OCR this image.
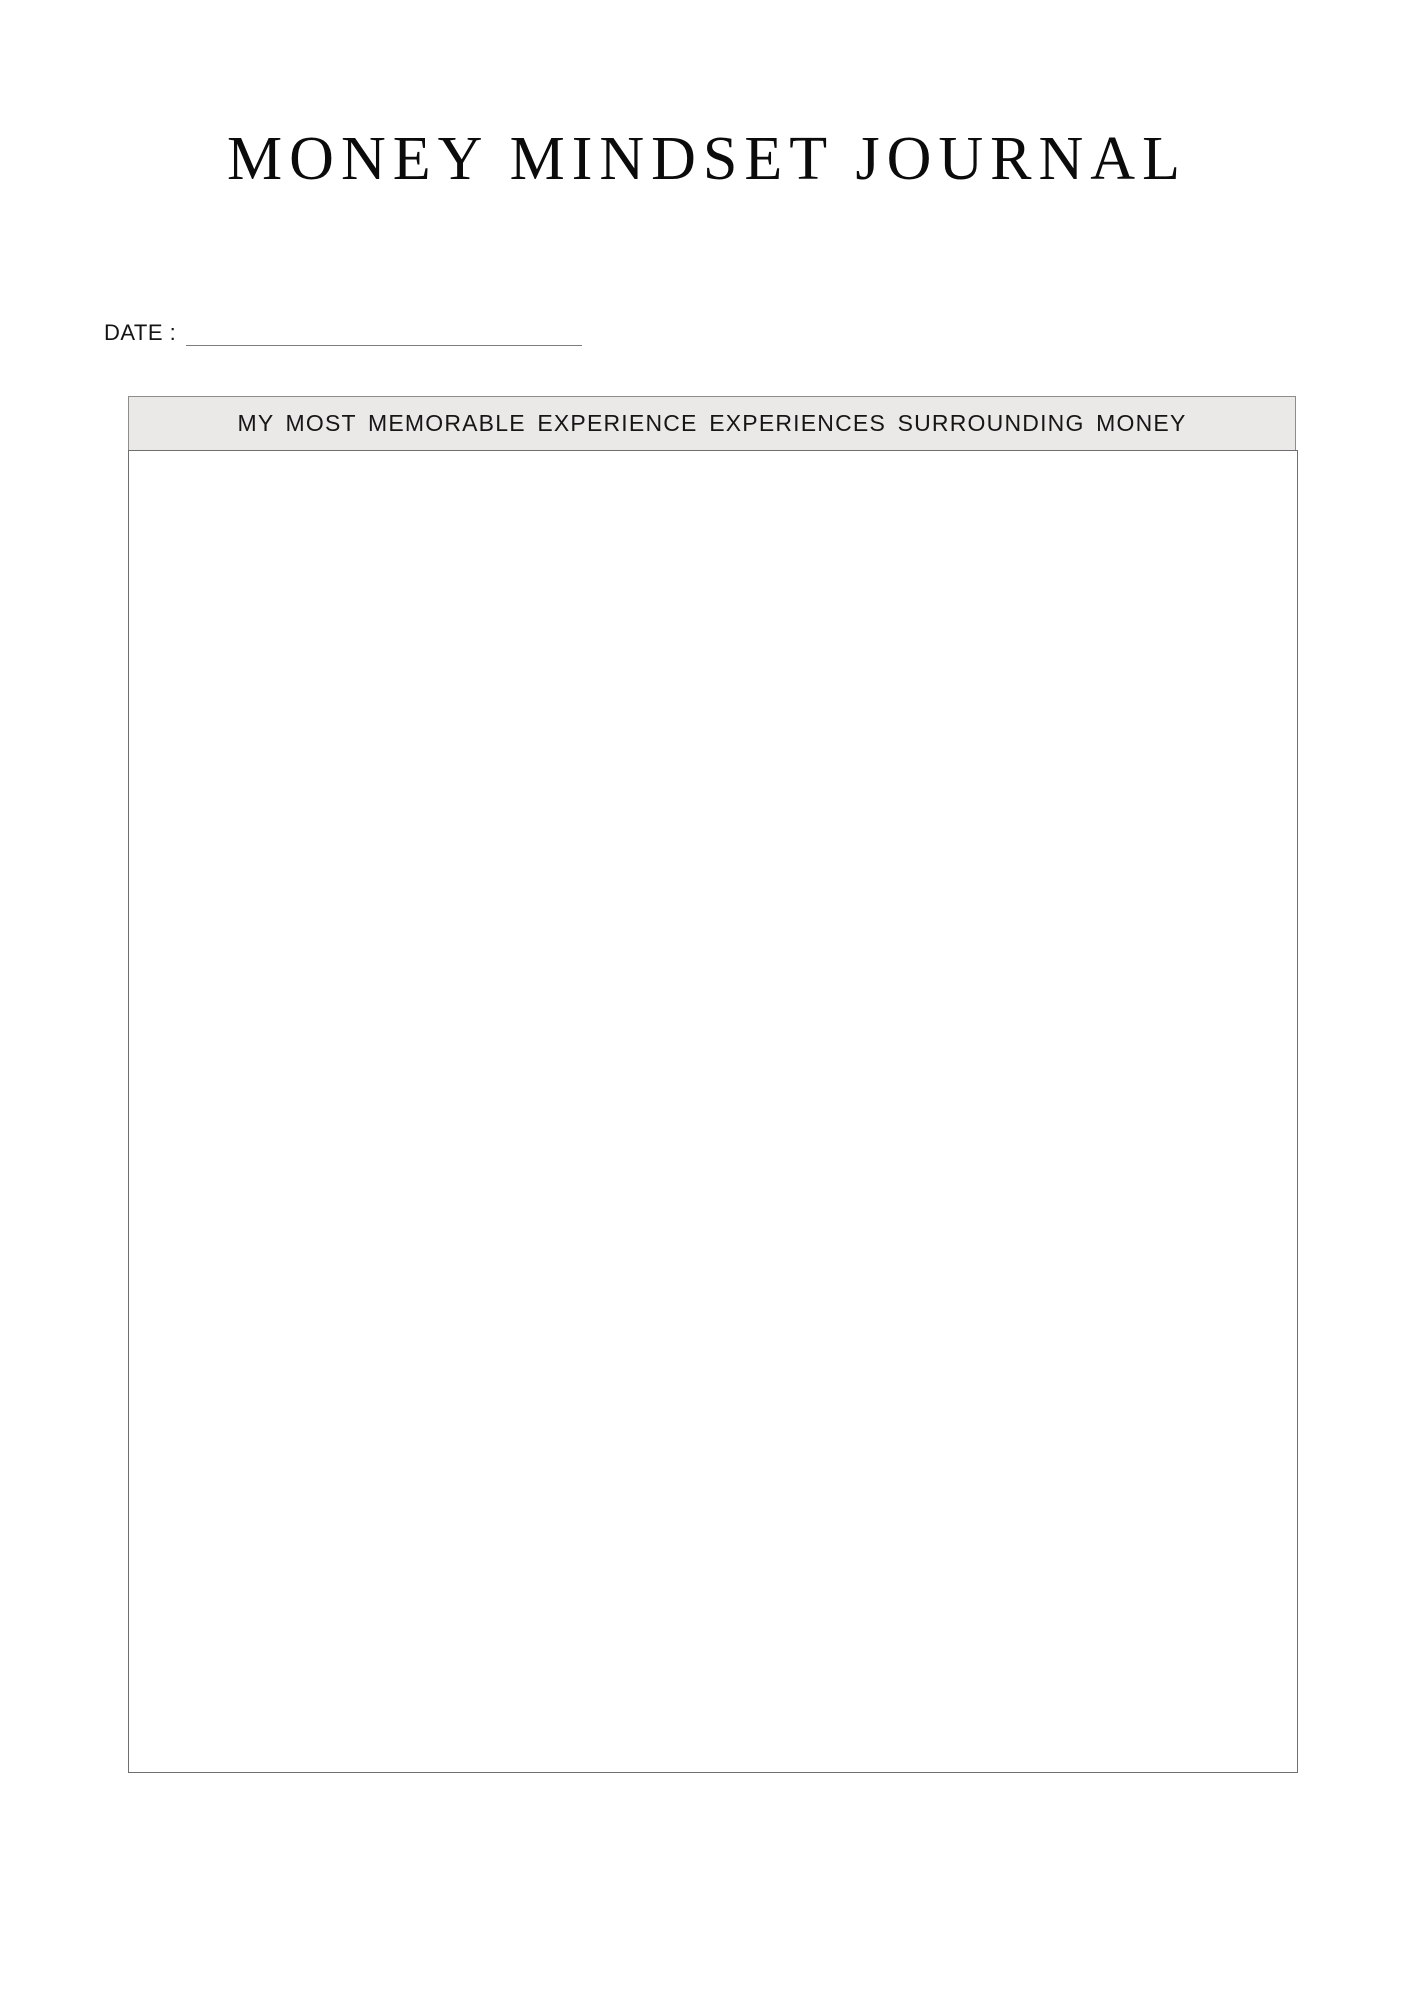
MONEY MINDSET JOURNAL
DATE :
MY MOST MEMORABLE EXPERIENCE EXPERIENCES SURROUNDING MONEY
